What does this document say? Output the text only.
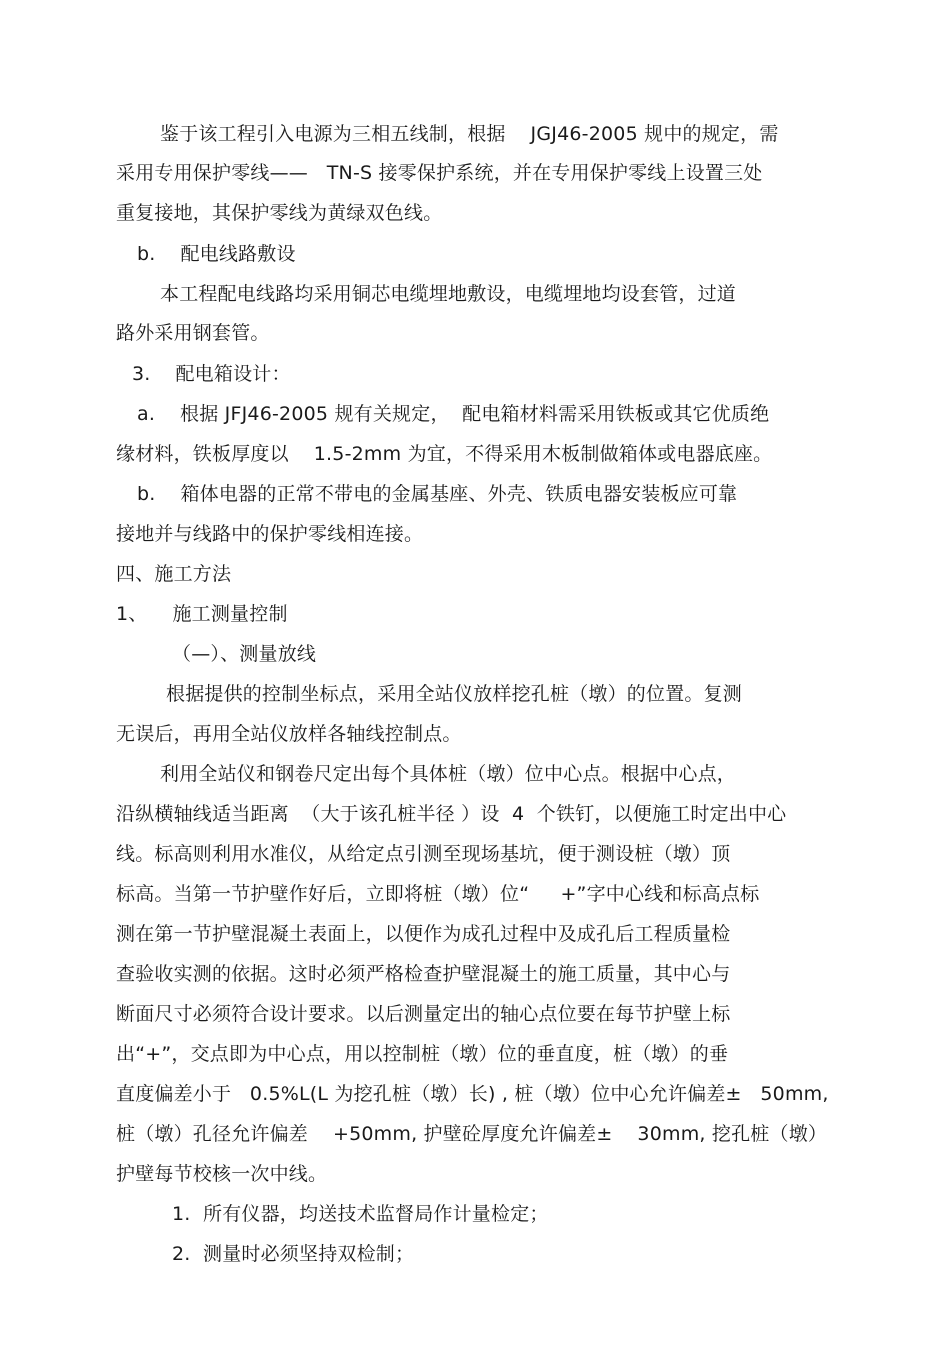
鉴于该工程引入电源为三相五线制，根据    JGJ46-2005 规中的规定，需
采用专用保护零线——   TN-S 接零保护系统，并在专用保护零线上设置三处
重复接地，其保护零线为黄绿双色线。
b.    配电线路敷设
本工程配电线路均采用铜芯电缆埋地敷设，电缆埋地均设套管，过道
路外采用钢套管。
3.    配电箱设计：
a.    根据 JFJ46-2005 规有关规定，  配电箱材料需采用铁板或其它优质绝
缘材料，铁板厚度以    1.5-2mm 为宜，不得采用木板制做箱体或电器底座。
b.    箱体电器的正常不带电的金属基座、外壳、铁质电器安装板应可靠
接地并与线路中的保护零线相连接。
四、施工方法
1、    施工测量控制
（—）、测量放线
根据提供的控制坐标点，采用全站仪放样挖孔桩（墩）的位置。复测
无误后，再用全站仪放样各轴线控制点。
利用全站仪和钢卷尺定出每个具体桩（墩）位中心点。根据中心点，
沿纵横轴线适当距离  （大于该孔桩半径 ）设  4  个铁钉，以便施工时定出中心
线。标高则利用水准仪，从给定点引测至现场基坑，便于测设桩（墩）顶
标高。当第一节护壁作好后，立即将桩（墩）位“     +”字中心线和标高点标
测在第一节护壁混凝土表面上，以便作为成孔过程中及成孔后工程质量检
查验收实测的依据。这时必须严格检查护壁混凝土的施工质量，其中心与
断面尺寸必须符合设计要求。以后测量定出的轴心点位要在每节护壁上标
出“+”，交点即为中心点，用以控制桩（墩）位的垂直度，桩（墩）的垂
直度偏差小于   0.5%L(L 为挖孔桩（墩）长) , 桩（墩）位中心允许偏差±   50mm,
桩（墩）孔径允许偏差    +50mm, 护壁砼厚度允许偏差±    30mm, 挖孔桩（墩）
护壁每节校核一次中线。
1.  所有仪器，均送技术监督局作计量检定；
2.  测量时必须坚持双检制；
